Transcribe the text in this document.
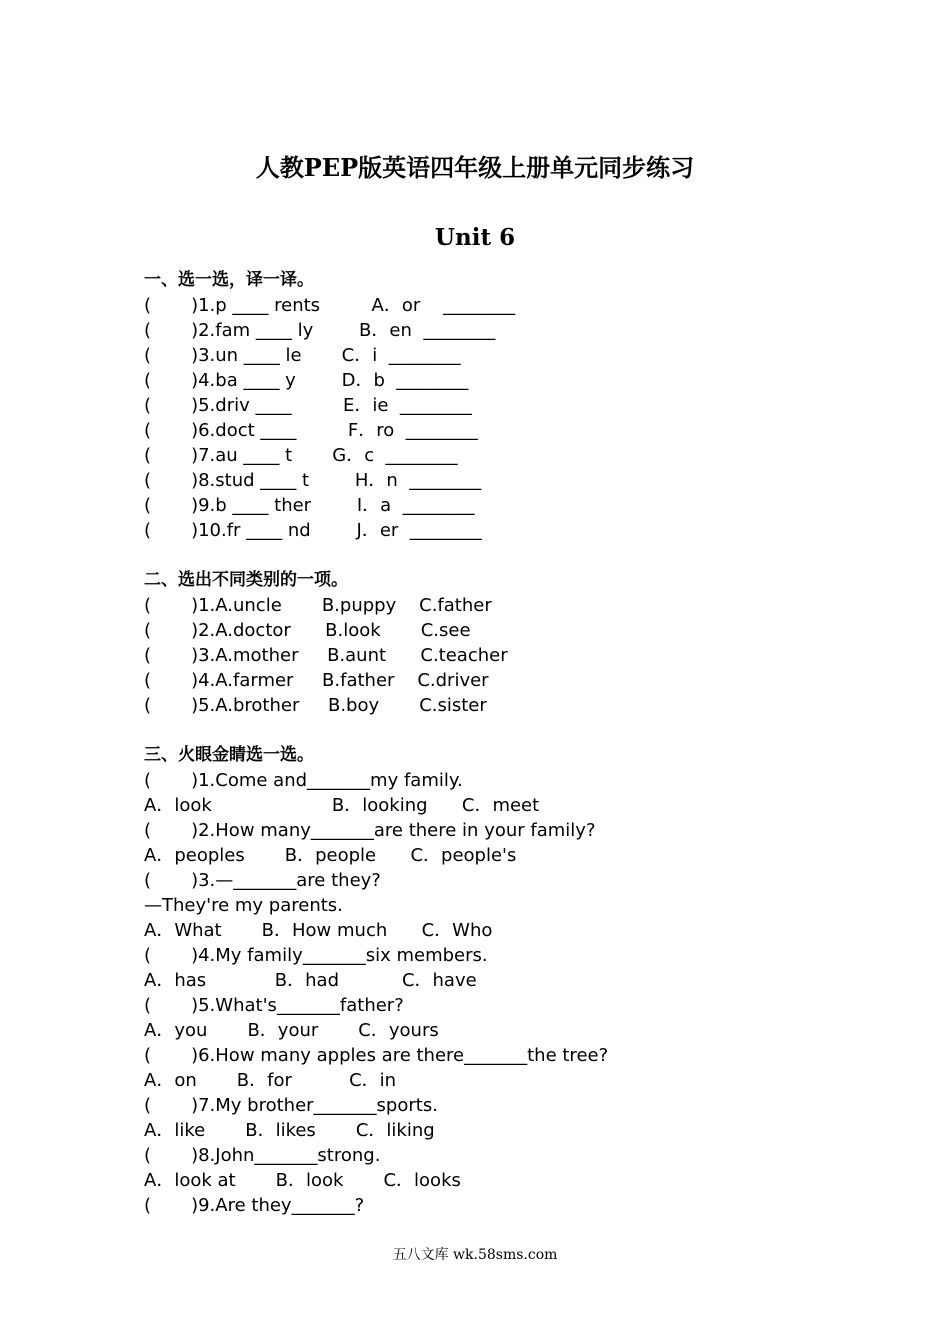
人教PEP版英语四年级上册单元同步练习
Unit 6
一、选一选，译一译。
(       )1.p ____ rents         A．or    ________
(       )2.fam ____ ly        B．en  ________
(       )3.un ____ le       C．i  ________
(       )4.ba ____ y        D．b  ________
(       )5.driv ____         E．ie  ________
(       )6.doct ____         F．ro  ________
(       )7.au ____ t       G．c  ________
(       )8.stud ____ t        H．n  ________
(       )9.b ____ ther        I．a  ________
(       )10.fr ____ nd        J．er  ________
二、选出不同类别的一项。
(       )1.A.uncle       B.puppy    C.father
(       )2.A.doctor      B.look       C.see
(       )3.A.mother     B.aunt      C.teacher
(       )4.A.farmer     B.father    C.driver
(       )5.A.brother     B.boy       C.sister
三、火眼金睛选一选。
(       )1.Come and_______my family.
A．look                     B．looking      C．meet
(       )2.How many_______are there in your family?
A．peoples       B．people      C．people's
(       )3.—_______are they?
—They're my parents.
A．What       B．How much      C．Who
(       )4.My family_______six members.
A．has            B．had           C．have
(       )5.What's_______father?
A．you       B．your       C．yours
(       )6.How many apples are there_______the tree?
A．on       B．for          C．in
(       )7.My brother_______sports.
A．like       B．likes       C．liking
(       )8.John_______strong.
A．look at       B．look       C．looks
(       )9.Are they_______?
五八文库 wk.58sms.com
